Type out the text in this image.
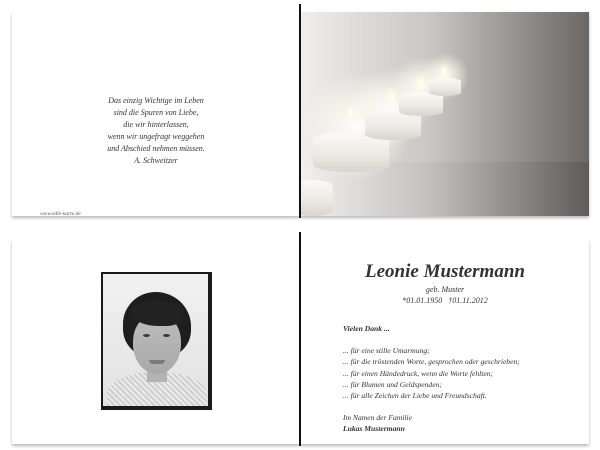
Das einzig Wichtige im Leben
sind die Spuren von Liebe,
die wir hinterlassen,
wenn wir ungefragt weggehen
und Abschied nehmen müssen.
A. Schweitzer
www.edle-karte.de
Leonie Mustermann
geb. Muster
*01.01.1950   †01.11.2012
Vielen Dank ...
... für eine stille Umarmung;
... für die tröstenden Worte, gesprochen oder geschrieben;
... für einen Händedruck, wenn die Worte fehlten;
... für Blumen und Geldspenden;
... für alle Zeichen der Liebe und Freundschaft.
Im Namen der Familie
Lukas Mustermann
